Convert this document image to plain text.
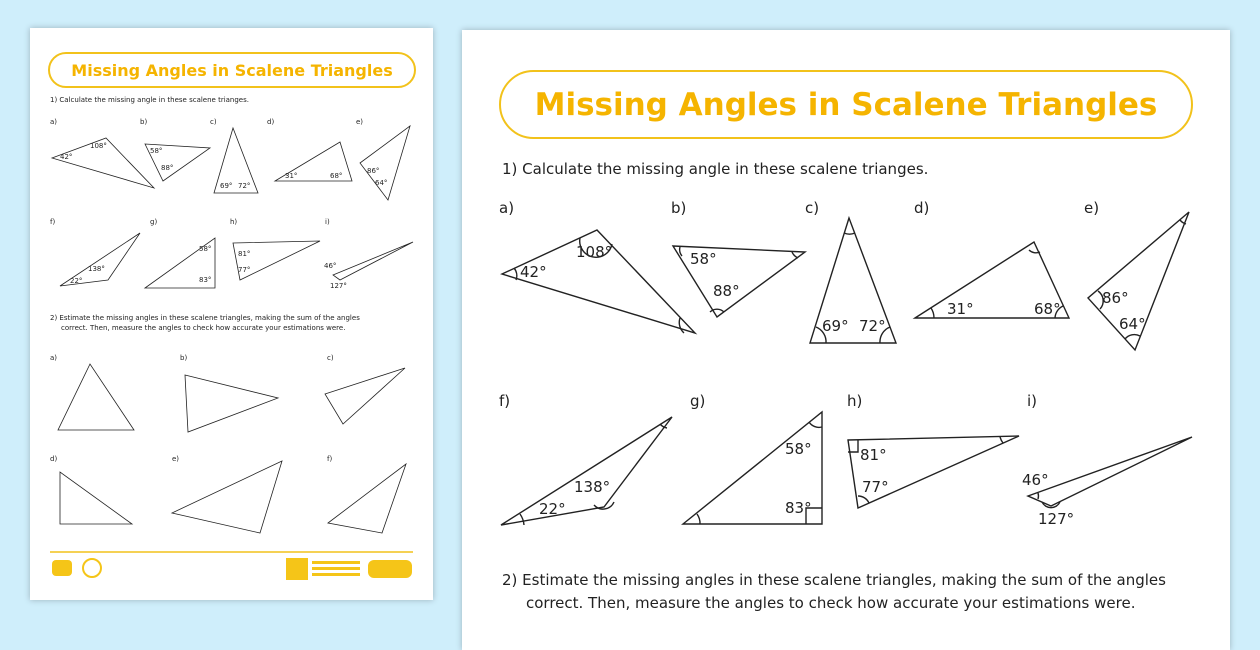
Missing Angles in Scalene Triangles
1) Calculate the missing angle in these scalene trianges.
a)
108°
42°
b)
58°
88°
c)
69° 72°
d)
31°	68°
e)
86°
64°
f)
138°
22°
g)
58°
83°
h)
81°
77°
i)
46°
127°
2) Estimate the missing angles in these scalene triangles, making the sum of the angles
correct. Then, measure the angles to check how accurate your estimations were.
a)	b)	c)
d)	e)	f)
Missing Angles in Scalene Triangles
1) Calculate the missing angle in these scalene trianges.
a)
108°
42°
b)
58°
88°
c)
69° 72°
d)
31°	68°
e)
86°
64°
f)
138°
22°
g)
58°
83°
h)
81°
77°
i)
46°
127°
2) Estimate the missing angles in these scalene triangles, making the sum of the angles
correct. Then, measure the angles to check how accurate your estimations were.
